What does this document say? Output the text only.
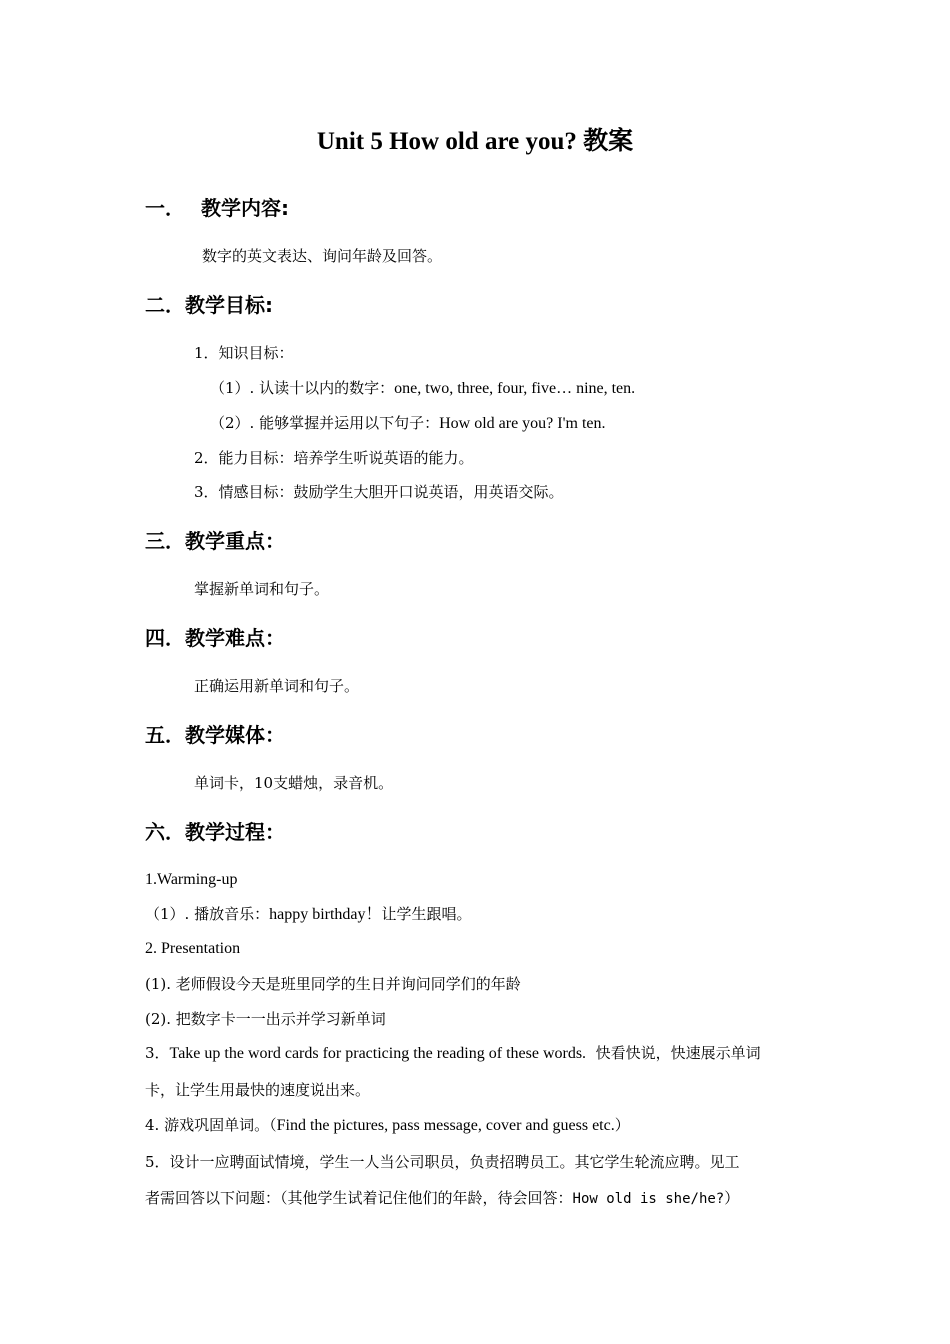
Unit 5 How old are you? 教案
一． 教学内容:
数字的英文表达、询问年龄及回答。
二．教学目标:
1．知识目标：
（1）. 认读十以内的数字：one, two, three, four, five… nine, ten.
（2）. 能够掌握并运用以下句子：How old are you? I'm ten.
2．能力目标：培养学生听说英语的能力。
3．情感目标：鼓励学生大胆开口说英语，用英语交际。
三．教学重点：
掌握新单词和句子。
四．教学难点：
正确运用新单词和句子。
五．教学媒体：
单词卡，10支蜡烛，录音机。
六．教学过程：
1.Warming-up
（1）. 播放音乐：happy birthday！让学生跟唱。
2. Presentation
(1). 老师假设今天是班里同学的生日并询问同学们的年龄
(2). 把数字卡一一出示并学习新单词
3．Take up the word cards for practicing the reading of these words. 快看快说，快速展示单词
卡，让学生用最快的速度说出来。
4. 游戏巩固单词。（Find the pictures, pass message, cover and guess etc.）
5．设计一应聘面试情境，学生一人当公司职员，负责招聘员工。其它学生轮流应聘。见工
者需回答以下问题：（其他学生试着记住他们的年龄，待会回答：How old is she/he?）
